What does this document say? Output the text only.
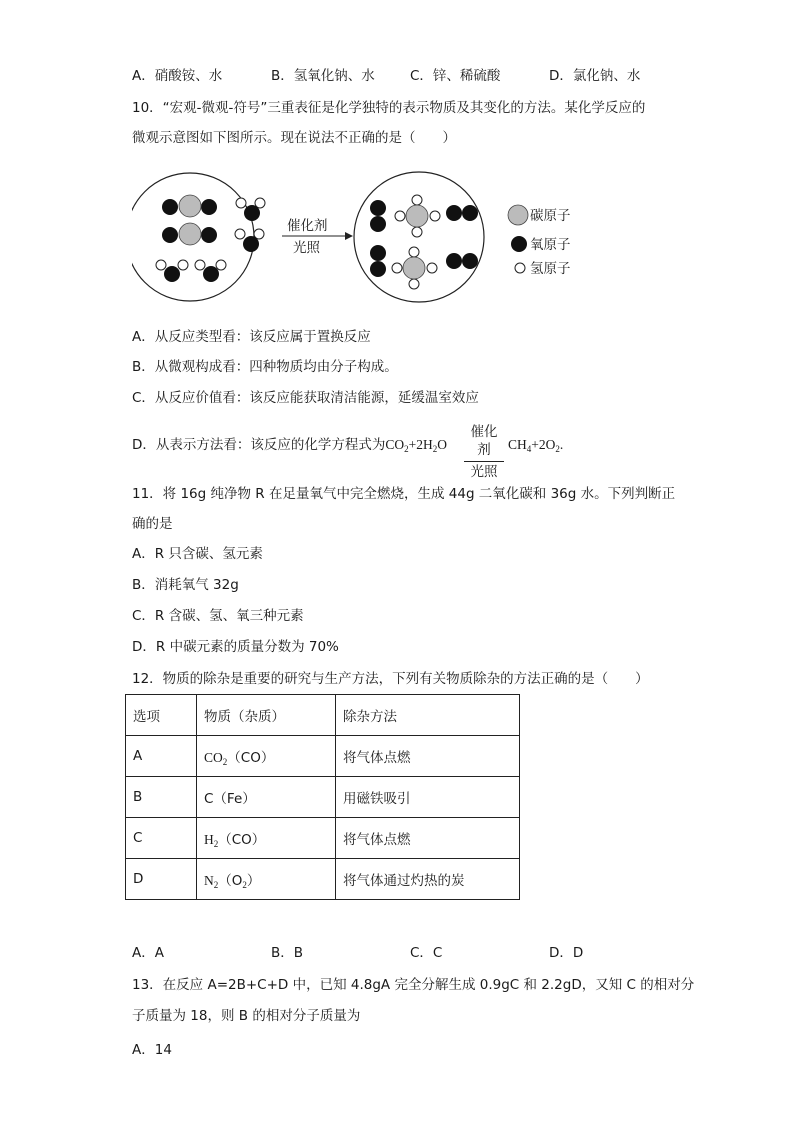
A．硝酸铵、水	B．氢氧化钠、水	C．锌、稀硫酸	D．氯化钠、水
10．“宏观-微观-符号”三重表征是化学独特的表示物质及其变化的方法。某化学反应的
微观示意图如下图所示。现在说法不正确的是（　　）
催化剂
光照
碳原子
氧原子
氢原子
A．从反应类型看：该反应属于置换反应
B．从微观构成看：四种物质均由分子构成。
C．从反应价值看：该反应能获取清洁能源，延缓温室效应
D．从表示方法看：该反应的化学方程式为$CO_2+2H_2O$
催化剂
光照
$CH_4+2O_2$.
11．将 16g 纯净物 R 在足量氧气中完全燃烧，生成 44g 二氧化碳和 36g 水。下列判断正
确的是
A．R 只含碳、氢元素
B．消耗氧气 32g
C．R 含碳、氢、氧三种元素
D．R 中碳元素的质量分数为 70%
12．物质的除杂是重要的研究与生产方法，下列有关物质除杂的方法正确的是（　　）
选项	物质（杂质）	除杂方法
A	$CO_2(CO)$	将气体点燃
B	C（Fe）	用磁铁吸引
C	$H_2(CO)$	将气体点燃
D	$N_2(O_2)$	将气体通过灼热的炭
A．A	B．B	C．C	D．D
13．在反应 A=2B+C+D 中，已知 4.8gA 完全分解生成 0.9gC 和 2.2gD，又知 C 的相对分
子质量为 18，则 B 的相对分子质量为
A．14
